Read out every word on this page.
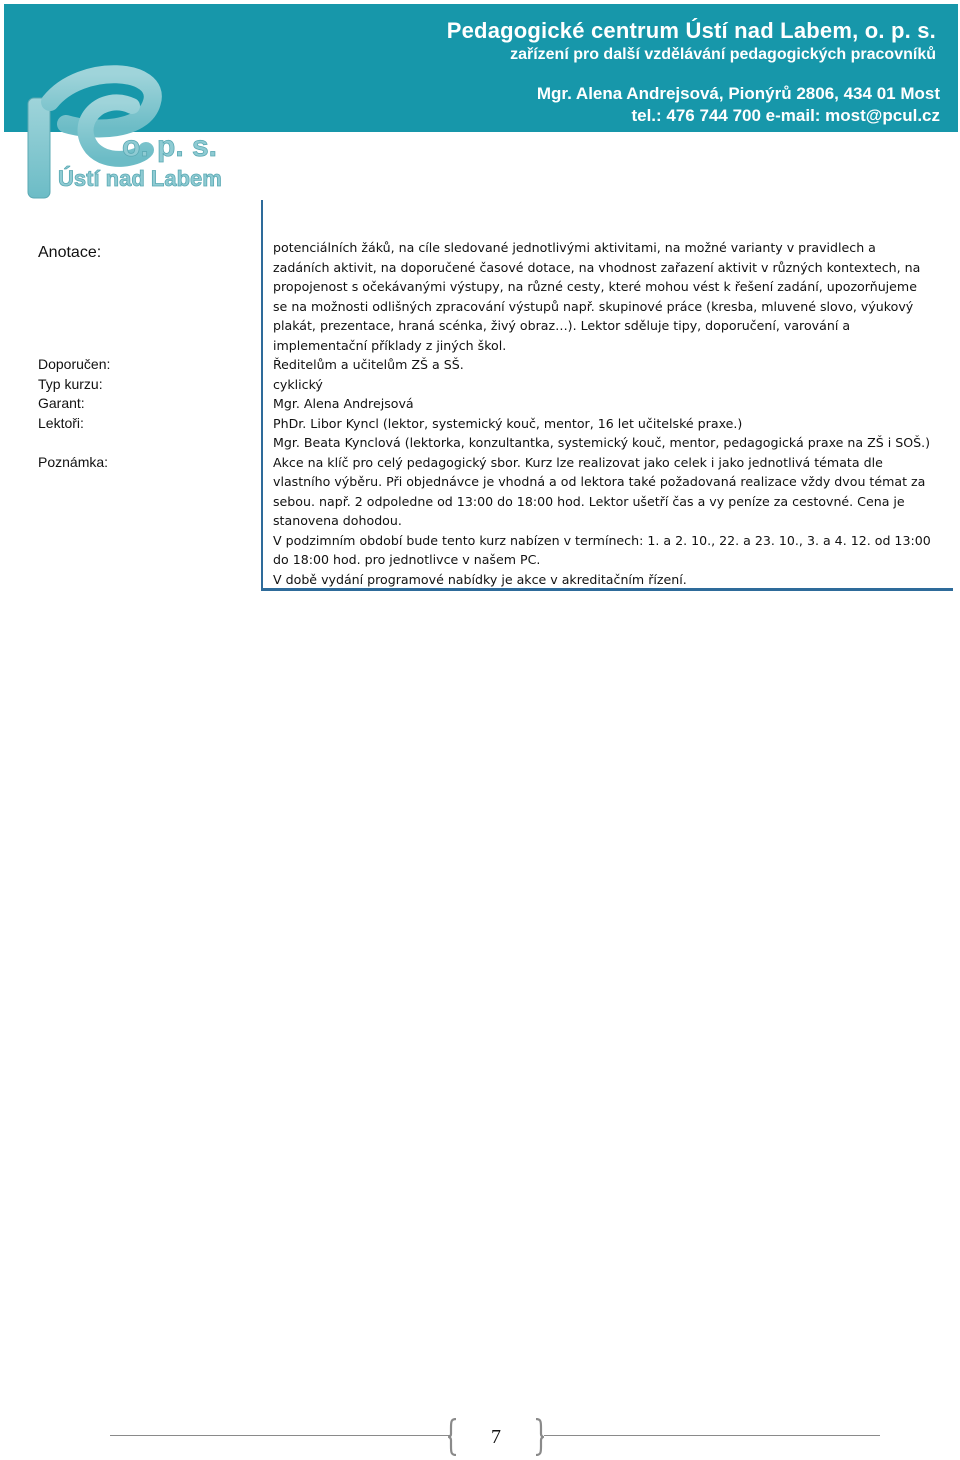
Pedagogické centrum Ústí nad Labem, o. p. s.
zařízení pro další vzdělávání pedagogických pracovníků
Mgr. Alena Andrejsová, Pionýrů 2806, 434 01 Most
tel.: 476 744 700 e-mail: most@pcul.cz
o. p. s.
Ústí nad Labem
Anotace:
Doporučen:
Typ kurzu:
Garant:
Lektoři:
Poznámka:
potenciálních žáků, na cíle sledované jednotlivými aktivitami, na možné varianty v pravidlech a
zadáních aktivit, na doporučené časové dotace, na vhodnost zařazení aktivit v různých kontextech, na
propojenost s očekávanými výstupy, na různé cesty, které mohou vést k řešení zadání, upozorňujeme
se na možnosti odlišných zpracování výstupů např. skupinové práce (kresba, mluvené slovo, výukový
plakát, prezentace, hraná scénka, živý obraz…). Lektor sděluje tipy, doporučení, varování a
implementační příklady z jiných škol.
Ředitelům a učitelům ZŠ a SŠ.
cyklický
Mgr. Alena Andrejsová
PhDr. Libor Kyncl (lektor, systemický kouč, mentor, 16 let učitelské praxe.)
Mgr. Beata Kynclová (lektorka, konzultantka, systemický kouč, mentor, pedagogická praxe na ZŠ i SOŠ.)
Akce na klíč pro celý pedagogický sbor. Kurz lze realizovat jako celek i jako jednotlivá témata dle
vlastního výběru. Při objednávce je vhodná a od lektora také požadovaná realizace vždy dvou témat za
sebou. např. 2 odpoledne od 13:00 do 18:00 hod. Lektor ušetří čas a vy peníze za cestovné. Cena je
stanovena dohodou.
V podzimním období bude tento kurz nabízen v termínech: 1. a 2. 10., 22. a 23. 10., 3. a 4. 12. od 13:00
do 18:00 hod. pro jednotlivce v našem PC.
V době vydání programové nabídky je akce v akreditačním řízení.
7
